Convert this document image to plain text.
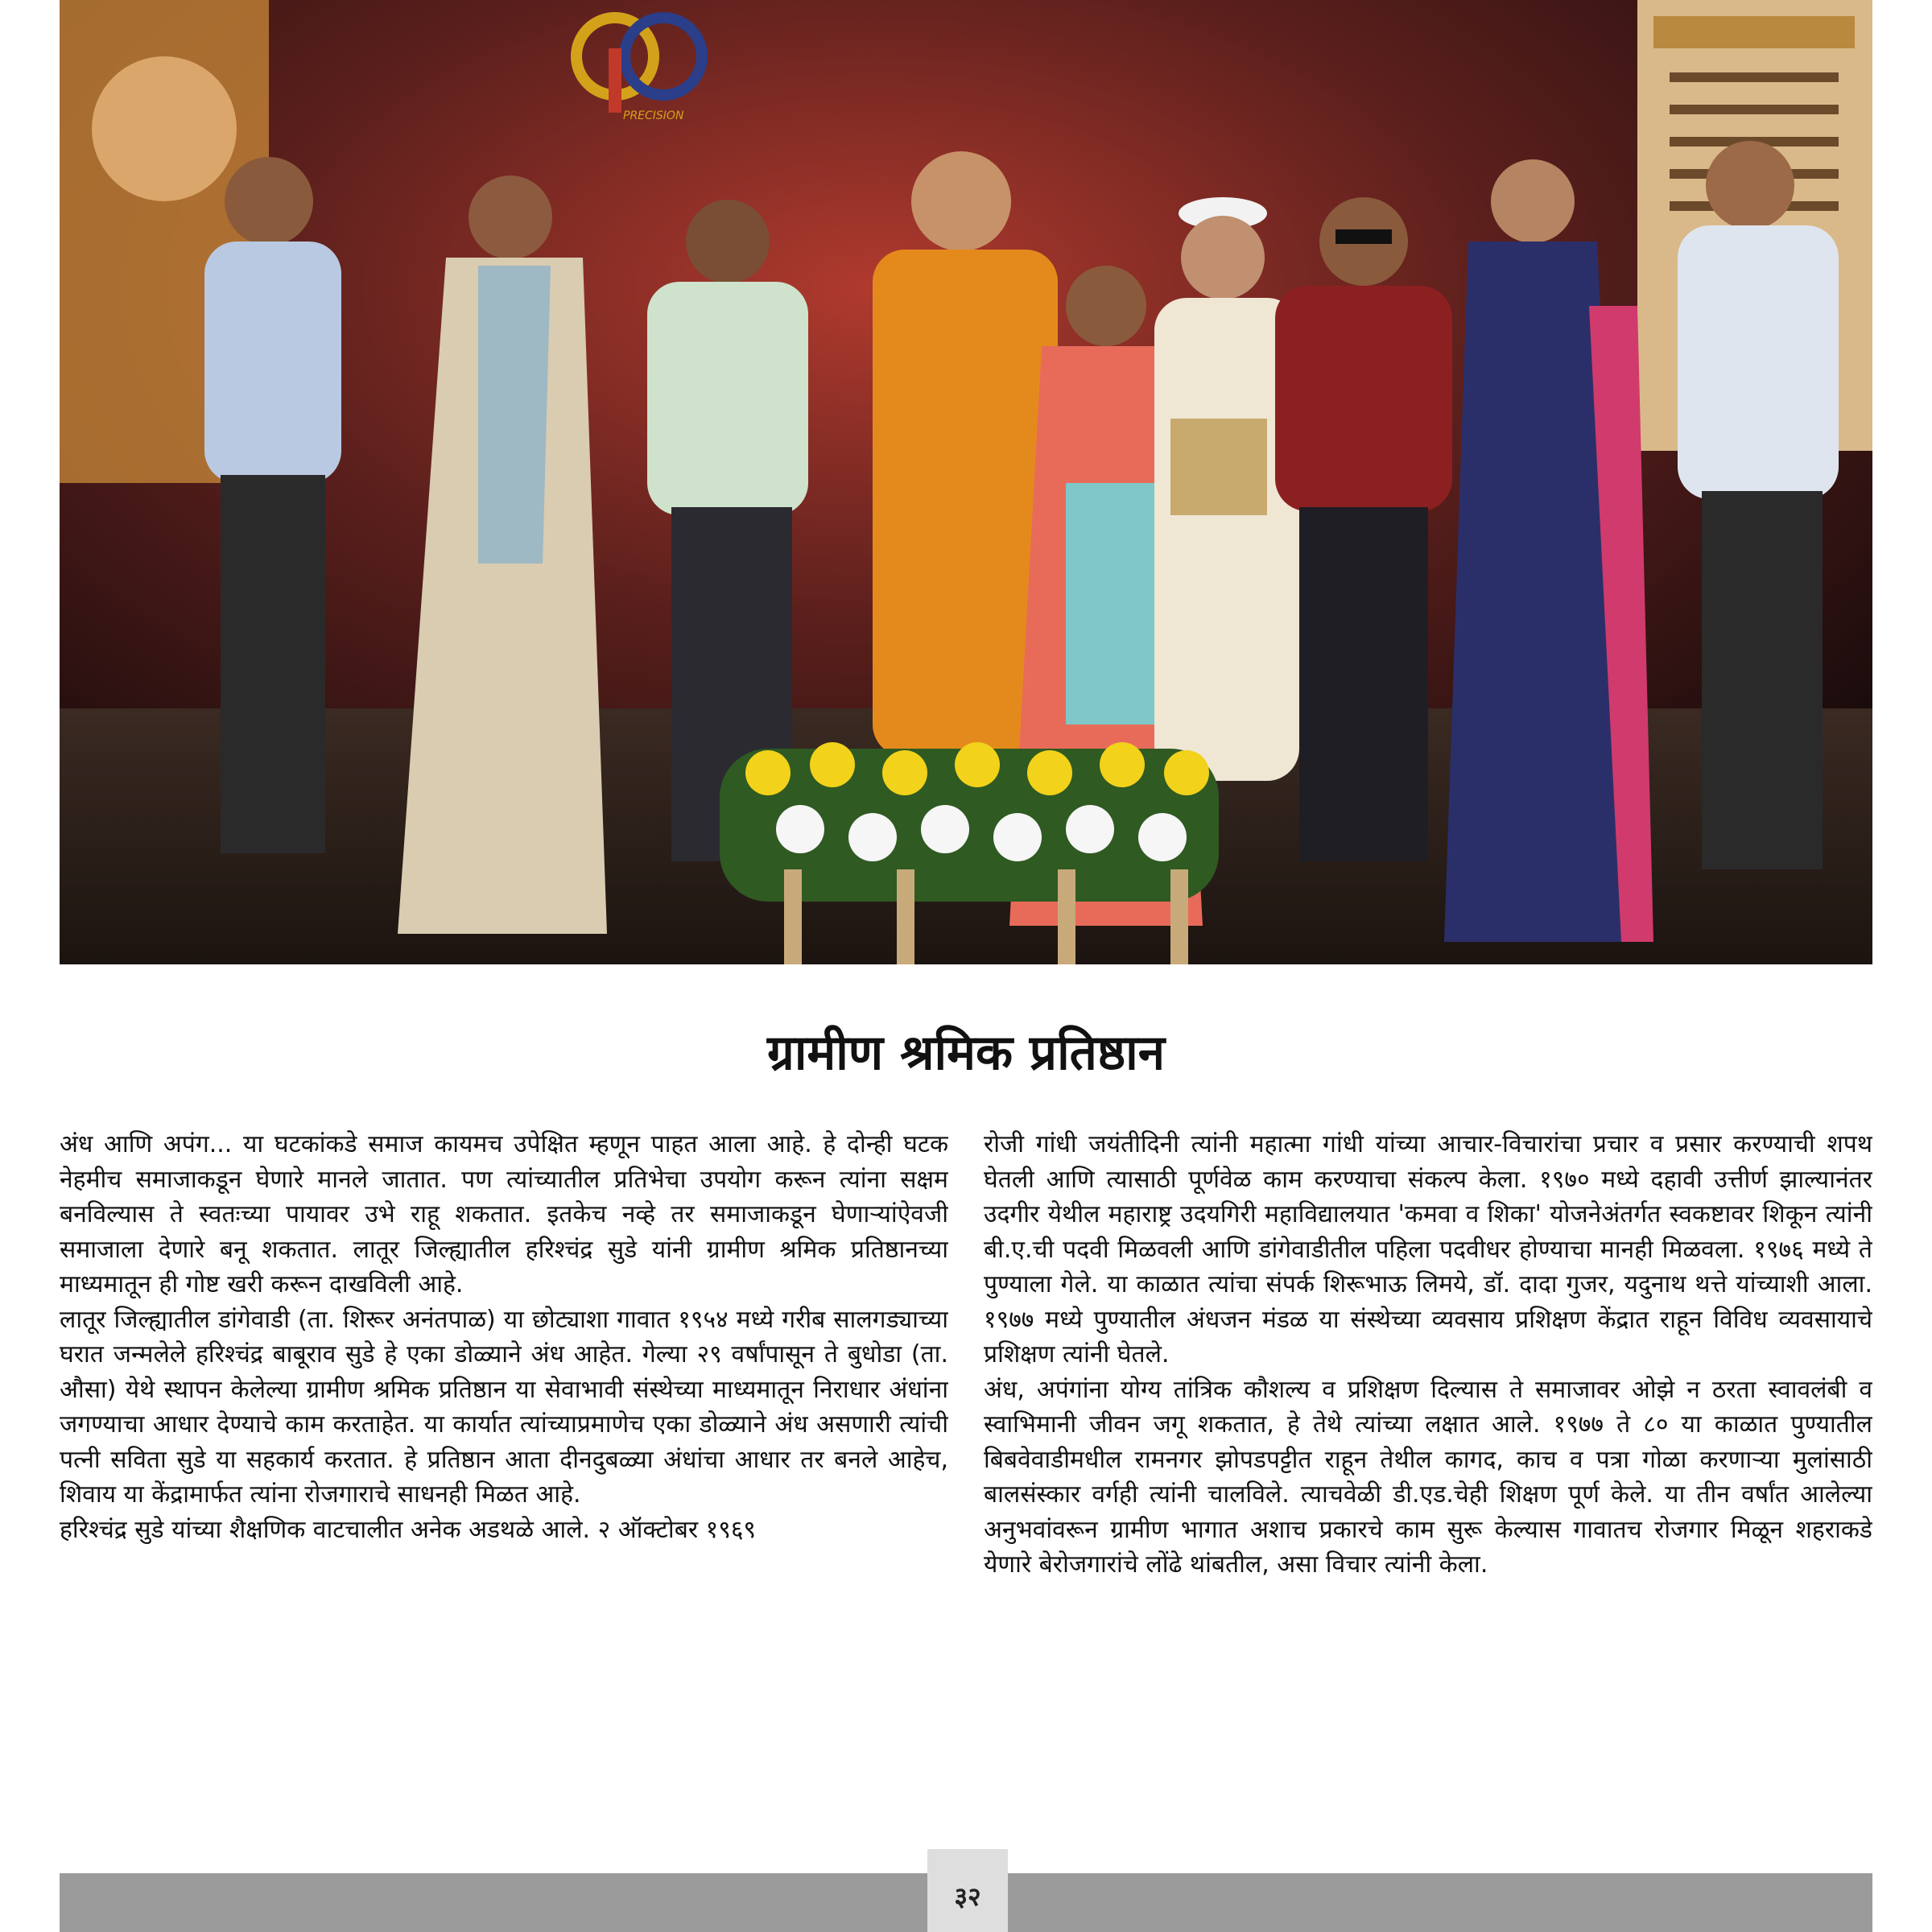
PRECISION
ग्रामीण श्रमिक प्रतिष्ठान

अंध आणि अपंग... या घटकांकडे समाज कायमच उपेक्षित म्हणून पाहत आला आहे. हे दोन्ही घटक नेहमीच समाजाकडून घेणारे मानले जातात. पण त्यांच्यातील प्रतिभेचा उपयोग करून त्यांना सक्षम बनविल्यास ते स्वतःच्या पायावर उभे राहू शकतात. इतकेच नव्हे तर समाजाकडून घेणाऱ्यांऐवजी समाजाला देणारे बनू शकतात. लातूर जिल्ह्यातील हरिश्चंद्र सुडे यांनी ग्रामीण श्रमिक प्रतिष्ठानच्या माध्यमातून ही गोष्ट खरी करून दाखविली आहे.

लातूर जिल्ह्यातील डांगेवाडी (ता. शिरूर अनंतपाळ) या छोट्याशा गावात १९५४ मध्ये गरीब सालगड्याच्या घरात जन्मलेले हरिश्चंद्र बाबूराव सुडे हे एका डोळ्याने अंध आहेत. गेल्या २९ वर्षांपासून ते बुधोडा (ता. औसा) येथे स्थापन केलेल्या ग्रामीण श्रमिक प्रतिष्ठान या सेवाभावी संस्थेच्या माध्यमातून निराधार अंधांना जगण्याचा आधार देण्याचे काम करताहेत. या कार्यात त्यांच्याप्रमाणेच एका डोळ्याने अंध असणारी त्यांची पत्नी सविता सुडे या सहकार्य करतात. हे प्रतिष्ठान आता दीनदुबळ्या अंधांचा आधार तर बनले आहेच, शिवाय या केंद्रामार्फत त्यांना रोजगाराचे साधनही मिळत आहे.

हरिश्चंद्र सुडे यांच्या शैक्षणिक वाटचालीत अनेक अडथळे आले. २ ऑक्टोबर १९६९

रोजी गांधी जयंतीदिनी त्यांनी महात्मा गांधी यांच्या आचार-विचारांचा प्रचार व प्रसार करण्याची शपथ घेतली आणि त्यासाठी पूर्णवेळ काम करण्याचा संकल्प केला. १९७० मध्ये दहावी उत्तीर्ण झाल्यानंतर उदगीर येथील महाराष्ट्र उदयगिरी महाविद्यालयात 'कमवा व शिका' योजनेअंतर्गत स्वकष्टावर शिकून त्यांनी बी.ए.ची पदवी मिळवली आणि डांगेवाडीतील पहिला पदवीधर होण्याचा मानही मिळवला. १९७६ मध्ये ते पुण्याला गेले. या काळात त्यांचा संपर्क शिरूभाऊ लिमये, डॉ. दादा गुजर, यदुनाथ थत्ते यांच्याशी आला. १९७७ मध्ये पुण्यातील अंधजन मंडळ या संस्थेच्या व्यवसाय प्रशिक्षण केंद्रात राहून विविध व्यवसायाचे प्रशिक्षण त्यांनी घेतले.

अंध, अपंगांना योग्य तांत्रिक कौशल्य व प्रशिक्षण दिल्यास ते समाजावर ओझे न ठरता स्वावलंबी व स्वाभिमानी जीवन जगू शकतात, हे तेथे त्यांच्या लक्षात आले. १९७७ ते ८० या काळात पुण्यातील बिबवेवाडीमधील रामनगर झोपडपट्टीत राहून तेथील कागद, काच व पत्रा गोळा करणाऱ्या मुलांसाठी बालसंस्कार वर्गही त्यांनी चालविले. त्याचवेळी डी.एड.चेही शिक्षण पूर्ण केले. या तीन वर्षांत आलेल्या अनुभवांवरून ग्रामीण भागात अशाच प्रकारचे काम सुरू केल्यास गावातच रोजगार मिळून शहराकडे येणारे बेरोजगारांचे लोंढे थांबतील, असा विचार त्यांनी केला.

३२
